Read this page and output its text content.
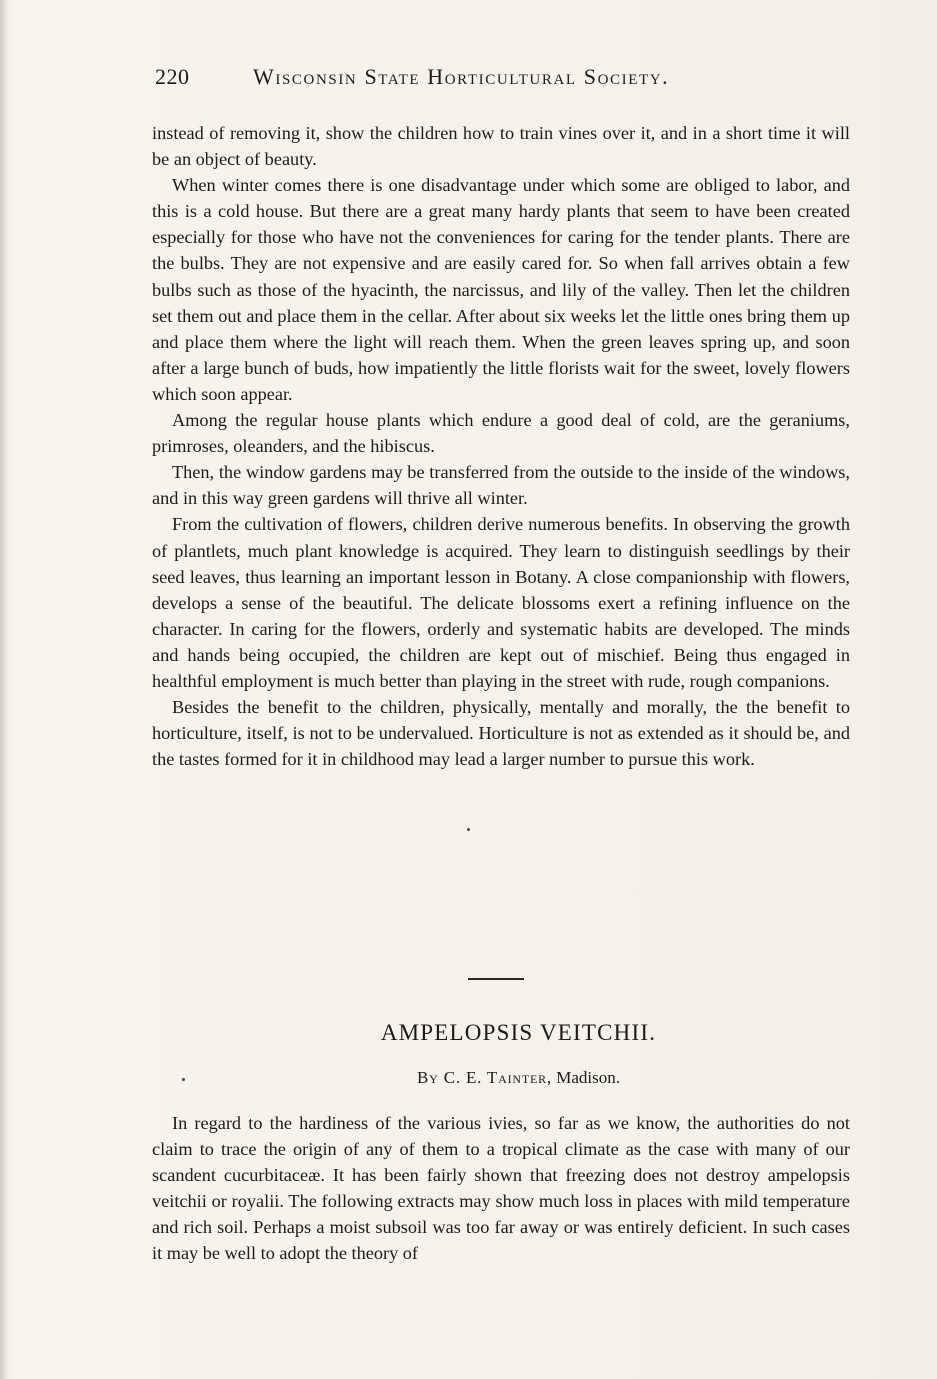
220	Wisconsin State Horticultural Society.

instead of removing it, show the children how to train vines over it, and in a short time it will be an object of beauty.

When winter comes there is one disadvantage under which some are obliged to labor, and this is a cold house. But there are a great many hardy plants that seem to have been created especially for those who have not the conveniences for caring for the tender plants. There are the bulbs. They are not expensive and are easily cared for. So when fall arrives obtain a few bulbs such as those of the hyacinth, the narcissus, and lily of the valley. Then let the children set them out and place them in the cellar. After about six weeks let the little ones bring them up and place them where the light will reach them. When the green leaves spring up, and soon after a large bunch of buds, how impatiently the little florists wait for the sweet, lovely flowers which soon appear.

Among the regular house plants which endure a good deal of cold, are the geraniums, primroses, oleanders, and the hibiscus.

Then, the window gardens may be transferred from the outside to the inside of the windows, and in this way green gardens will thrive all winter.

From the cultivation of flowers, children derive numerous benefits. In observing the growth of plantlets, much plant knowledge is acquired. They learn to distinguish seedlings by their seed leaves, thus learning an important lesson in Botany. A close companionship with flowers, develops a sense of the beautiful. The delicate blossoms exert a refining influence on the character. In caring for the flowers, orderly and systematic habits are developed. The minds and hands being occupied, the children are kept out of mischief. Being thus engaged in healthful employment is much better than playing in the street with rude, rough companions.

Besides the benefit to the children, physically, mentally and morally, the the benefit to horticulture, itself, is not to be undervalued. Horticulture is not as extended as it should be, and the tastes formed for it in childhood may lead a larger number to pursue this work.

AMPELOPSIS VEITCHII.
By C. E. Tainter, Madison.

In regard to the hardiness of the various ivies, so far as we know, the authorities do not claim to trace the origin of any of them to a tropical climate as the case with many of our scandent cucurbitaceæ. It has been fairly shown that freezing does not destroy ampelopsis veitchii or royalii. The following extracts may show much loss in places with mild temperature and rich soil. Perhaps a moist subsoil was too far away or was entirely deficient. In such cases it may be well to adopt the theory of
